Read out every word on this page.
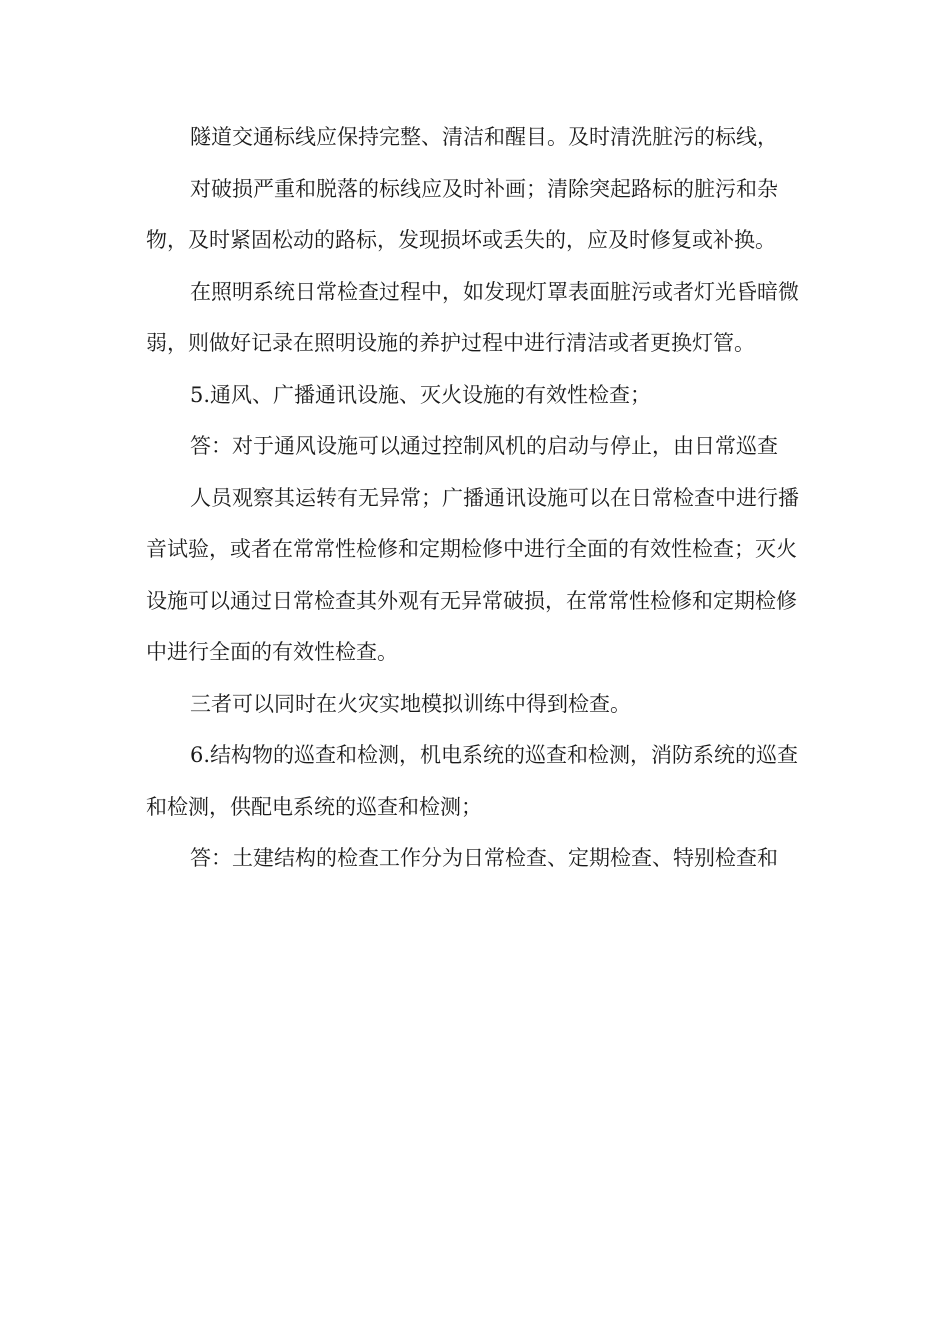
隧道交通标线应保持完整、清洁和醒目。及时清洗脏污的标线，

对破损严重和脱落的标线应及时补画；清除突起路标的脏污和杂物，及时紧固松动的路标，发现损坏或丢失的，应及时修复或补换。

在照明系统日常检查过程中，如发现灯罩表面脏污或者灯光昏暗微弱，则做好记录在照明设施的养护过程中进行清洁或者更换灯管。

5.通风、广播通讯设施、灭火设施的有效性检查；

答：对于通风设施可以通过控制风机的启动与停止，由日常巡查

人员观察其运转有无异常；广播通讯设施可以在日常检查中进行播音试验，或者在常常性检修和定期检修中进行全面的有效性检查；灭火设施可以通过日常检查其外观有无异常破损，在常常性检修和定期检修中进行全面的有效性检查。

三者可以同时在火灾实地模拟训练中得到检查。

6.结构物的巡查和检测，机电系统的巡查和检测，消防系统的巡查和检测，供配电系统的巡查和检测；

答：土建结构的检查工作分为日常检查、定期检查、特别检查和
